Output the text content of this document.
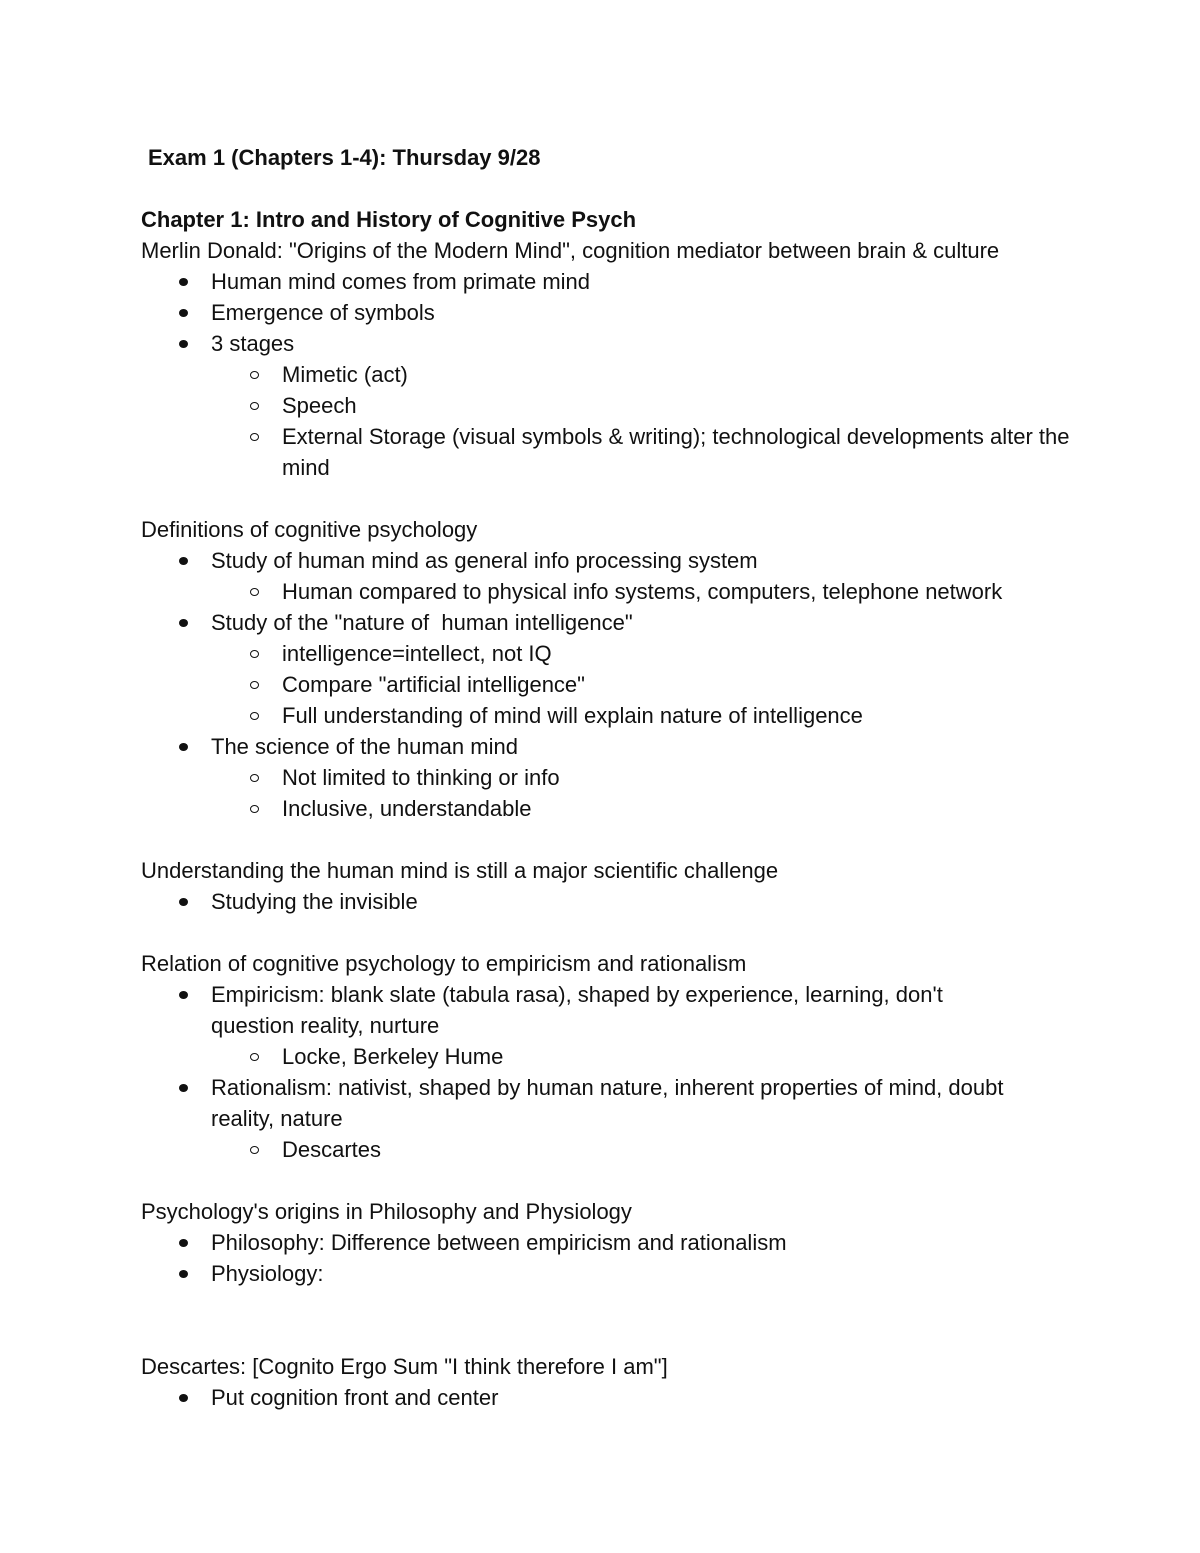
Exam 1 (Chapters 1-4): Thursday 9/28
Chapter 1: Intro and History of Cognitive Psych

Merlin Donald: "Origins of the Modern Mind", cognition mediator between brain & culture

Human mind comes from primate mind
Emergence of symbols
3 stages
Mimetic (act)
Speech
External Storage (visual symbols & writing); technological developments alter the mind

Definitions of cognitive psychology

Study of human mind as general info processing system
Human compared to physical info systems, computers, telephone network
Study of the "nature of  human intelligence"
intelligence=intellect, not IQ
Compare "artificial intelligence"
Full understanding of mind will explain nature of intelligence
The science of the human mind
Not limited to thinking or info
Inclusive, understandable

Understanding the human mind is still a major scientific challenge

Studying the invisible

Relation of cognitive psychology to empiricism and rationalism

Empiricism: blank slate (tabula rasa), shaped by experience, learning, don't question reality, nurture
Locke, Berkeley Hume
Rationalism: nativist, shaped by human nature, inherent properties of mind, doubt reality, nature
Descartes

Psychology's origins in Philosophy and Physiology

Philosophy: Difference between empiricism and rationalism
Physiology:

Descartes: [Cognito Ergo Sum "I think therefore I am"]

Put cognition front and center
